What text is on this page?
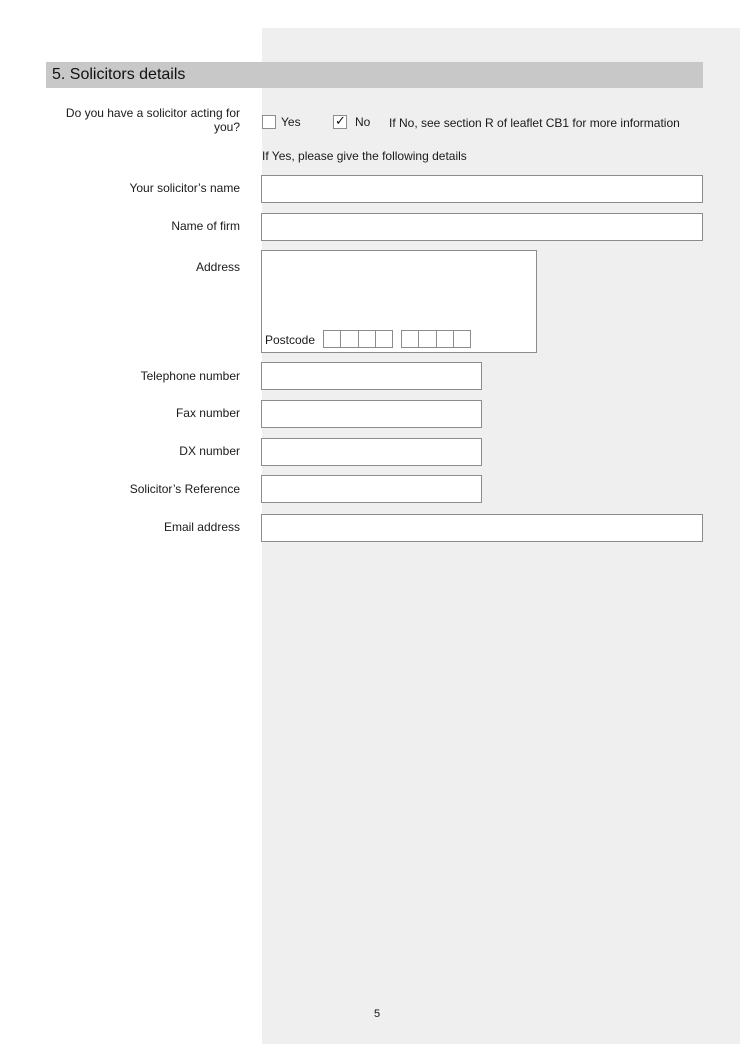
5. Solicitors details
Do you have a solicitor acting for you?	Yes	✓ No If No, see section R of leaflet CB1 for more information
If Yes, please give the following details
Your solicitor’s name
Name of firm
Address
Postcode
Telephone number
Fax number
DX number
Solicitor’s Reference
Email address
5
